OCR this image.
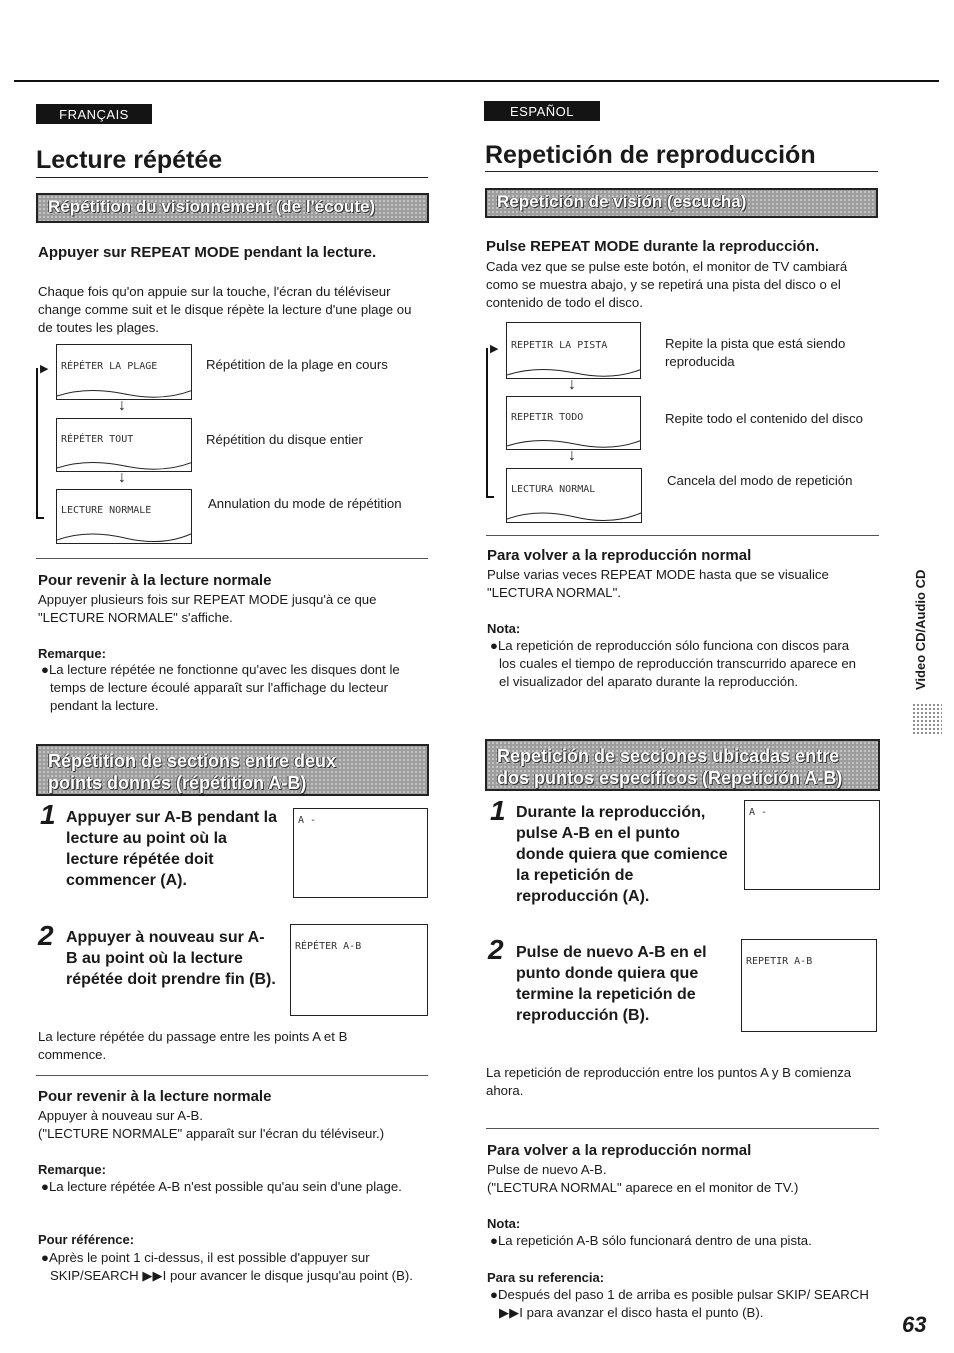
FRANÇAIS
Lecture répétée
Répétition du visionnement (de l'écoute)
Appuyer sur REPEAT MODE pendant la lecture.
Chaque fois qu'on appuie sur la touche, l'écran du téléviseur change comme suit et le disque répète la lecture d'une plage ou de toutes les plages.
▶ RÉPÉTER LA PLAGE	Répétition de la plage en cours
↓
RÉPÉTER TOUT	Répétition du disque entier
↓
LECTURE NORMALE	Annulation du mode de répétition
Pour revenir à la lecture normale
Appuyer plusieurs fois sur REPEAT MODE jusqu'à ce que "LECTURE NORMALE" s'affiche.
Remarque:
●La lecture répétée ne fonctionne qu'avec les disques dont le temps de lecture écoulé apparaît sur l'affichage du lecteur pendant la lecture.
Répétition de sections entre deux
points donnés (répétition A-B)
1 Appuyer sur A-B pendant la lecture au point où la lecture répétée doit commencer (A).
A -
2 Appuyer à nouveau sur A-B au point où la lecture répétée doit prendre fin (B).
RÉPÉTER A-B
La lecture répétée du passage entre les points A et B commence.
Pour revenir à la lecture normale
Appuyer à nouveau sur A-B.
("LECTURE NORMALE" apparaît sur l'écran du téléviseur.)
Remarque:
●La lecture répétée A-B n'est possible qu'au sein d'une plage.
Pour référence:
●Après le point 1 ci-dessus, il est possible d'appuyer sur SKIP/SEARCH ▶▶I pour avancer le disque jusqu'au point (B).
ESPAÑOL
Repetición de reproducción
Repetición de visión (escucha)
Pulse REPEAT MODE durante la reproducción.
Cada vez que se pulse este botón, el monitor de TV cambiará como se muestra abajo, y se repetirá una pista del disco o el contenido de todo el disco.
▶ REPETIR LA PISTA	Repite la pista que está siendo reproducida
↓
REPETIR TODO	Repite todo el contenido del disco
↓
LECTURA NORMAL
Cancela del modo de repetición
Para volver a la reproducción normal
Pulse varias veces REPEAT MODE hasta que se visualice "LECTURA NORMAL".
Nota:
●La repetición de reproducción sólo funciona con discos para los cuales el tiempo de reproducción transcurrido aparece en el visualizador del aparato durante la reproducción.
Repetición de secciones ubicadas entre
dos puntos específicos (Repetición A-B)
1 Durante la reproducción, pulse A-B en el punto donde quiera que comience la repetición de reproducción (A).
A -
2 Pulse de nuevo A-B en el punto donde quiera que termine la repetición de reproducción (B).
REPETIR A-B
La repetición de reproducción entre los puntos A y B comienza ahora.
Para volver a la reproducción normal
Pulse de nuevo A-B.
("LECTURA NORMAL" aparece en el monitor de TV.)
Nota:
●La repetición A-B sólo funcionará dentro de una pista.
Para su referencia:
●Después del paso 1 de arriba es posible pulsar SKIP/ SEARCH ▶▶I para avanzar el disco hasta el punto (B).
Video CD/Audio CD
63
